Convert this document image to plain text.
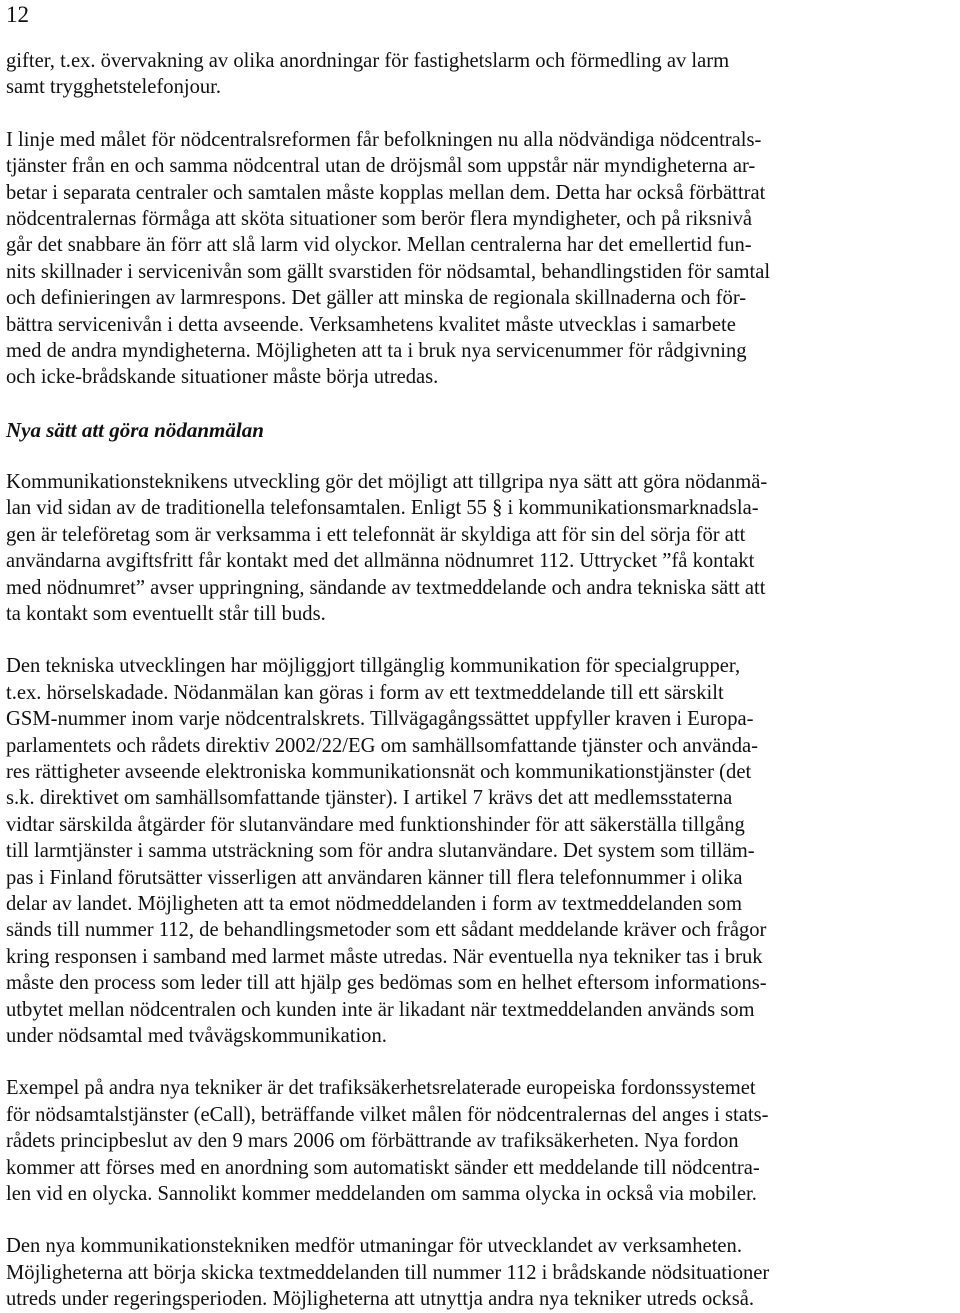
12

gifter, t.ex. övervakning av olika anordningar för fastighetslarm och förmedling av larm
samt trygghetstelefonjour.

I linje med målet för nödcentralsreformen får befolkningen nu alla nödvändiga nödcentrals-
tjänster från en och samma nödcentral utan de dröjsmål som uppstår när myndigheterna ar-
betar i separata centraler och samtalen måste kopplas mellan dem. Detta har också förbättrat
nödcentralernas förmåga att sköta situationer som berör flera myndigheter, och på riksnivå
går det snabbare än förr att slå larm vid olyckor. Mellan centralerna har det emellertid fun-
nits skillnader i servicenivån som gällt svarstiden för nödsamtal, behandlingstiden för samtal
och definieringen av larmrespons. Det gäller att minska de regionala skillnaderna och för-
bättra servicenivån i detta avseende. Verksamhetens kvalitet måste utvecklas i samarbete
med de andra myndigheterna. Möjligheten att ta i bruk nya servicenummer för rådgivning
och icke-brådskande situationer måste börja utredas.

Nya sätt att göra nödanmälan

Kommunikationsteknikens utveckling gör det möjligt att tillgripa nya sätt att göra nödanmä-
lan vid sidan av de traditionella telefonsamtalen. Enligt 55 § i kommunikationsmarknadsla-
gen är teleföretag som är verksamma i ett telefonnät är skyldiga att för sin del sörja för att
användarna avgiftsfritt får kontakt med det allmänna nödnumret 112. Uttrycket ”få kontakt
med nödnumret” avser uppringning, sändande av textmeddelande och andra tekniska sätt att
ta kontakt som eventuellt står till buds.

Den tekniska utvecklingen har möjliggjort tillgänglig kommunikation för specialgrupper,
t.ex. hörselskadade. Nödanmälan kan göras i form av ett textmeddelande till ett särskilt
GSM-nummer inom varje nödcentralskrets. Tillvägagångssättet uppfyller kraven i Europa-
parlamentets och rådets direktiv 2002/22/EG om samhällsomfattande tjänster och använda-
res rättigheter avseende elektroniska kommunikationsnät och kommunikationstjänster (det
s.k. direktivet om samhällsomfattande tjänster). I artikel 7 krävs det att medlemsstaterna
vidtar särskilda åtgärder för slutanvändare med funktionshinder för att säkerställa tillgång
till larmtjänster i samma utsträckning som för andra slutanvändare. Det system som tilläm-
pas i Finland förutsätter visserligen att användaren känner till flera telefonnummer i olika
delar av landet. Möjligheten att ta emot nödmeddelanden i form av textmeddelanden som
sänds till nummer 112, de behandlingsmetoder som ett sådant meddelande kräver och frågor
kring responsen i samband med larmet måste utredas. När eventuella nya tekniker tas i bruk
måste den process som leder till att hjälp ges bedömas som en helhet eftersom informations-
utbytet mellan nödcentralen och kunden inte är likadant när textmeddelanden används som
under nödsamtal med tvåvägskommunikation.

Exempel på andra nya tekniker är det trafiksäkerhetsrelaterade europeiska fordonssystemet
för nödsamtalstjänster (eCall), beträffande vilket målen för nödcentralernas del anges i stats-
rådets principbeslut av den 9 mars 2006 om förbättrande av trafiksäkerheten. Nya fordon
kommer att förses med en anordning som automatiskt sänder ett meddelande till nödcentra-
len vid en olycka. Sannolikt kommer meddelanden om samma olycka in också via mobiler.

Den nya kommunikationstekniken medför utmaningar för utvecklandet av verksamheten.
Möjligheterna att börja skicka textmeddelanden till nummer 112 i brådskande nödsituationer
utreds under regeringsperioden. Möjligheterna att utnyttja andra nya tekniker utreds också.
